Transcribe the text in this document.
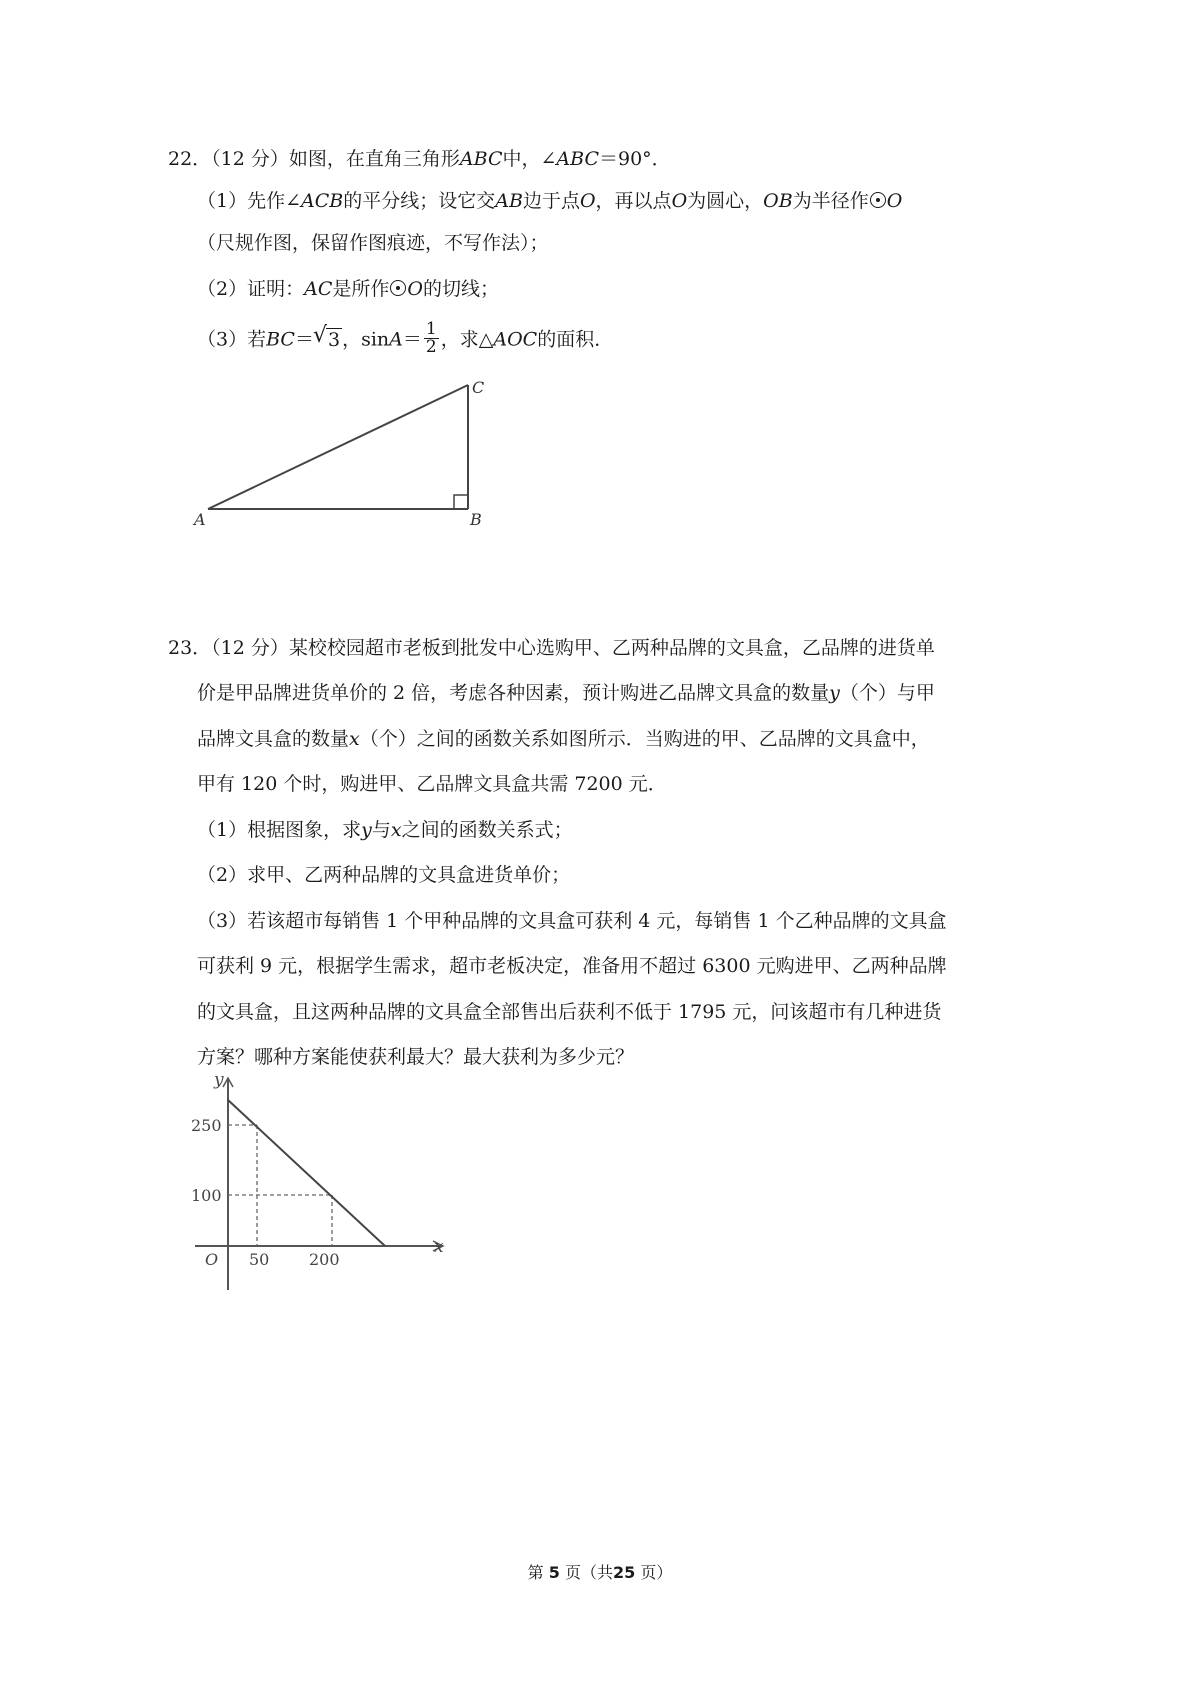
22．（12 分）如图，在直角三角形ABC中，∠ABC＝90°．
（1）先作∠ACB的平分线；设它交AB边于点O，再以点O为圆心，OB为半径作 O
（尺规作图，保留作图痕迹，不写作法）；
（2）证明：AC是所作 O的切线；
（3）若BC＝ √ 3 ，$\sin A= \frac{1}{2}$ ，求△AOC的面积．
A	B
C
23．（12 分）某校校园超市老板到批发中心选购甲、乙两种品牌的文具盒，乙品牌的进货单
价是甲品牌进货单价的 2 倍，考虑各种因素，预计购进乙品牌文具盒的数量y（个）与甲
品牌文具盒的数量x（个）之间的函数关系如图所示．当购进的甲、乙品牌的文具盒中，
甲有 120 个时，购进甲、乙品牌文具盒共需 7200 元．
（1）根据图象，求y与x之间的函数关系式；
（2）求甲、乙两种品牌的文具盒进货单价；
（3）若该超市每销售 1 个甲种品牌的文具盒可获利 4 元，每销售 1 个乙种品牌的文具盒
可获利 9 元，根据学生需求，超市老板决定，准备用不超过 6300 元购进甲、乙两种品牌
的文具盒，且这两种品牌的文具盒全部售出后获利不低于 1795 元，问该超市有几种进货
方案？哪种方案能使获利最大？最大获利为多少元？
y
x
O
250
100
50 200
第 5 页（共25 页）
